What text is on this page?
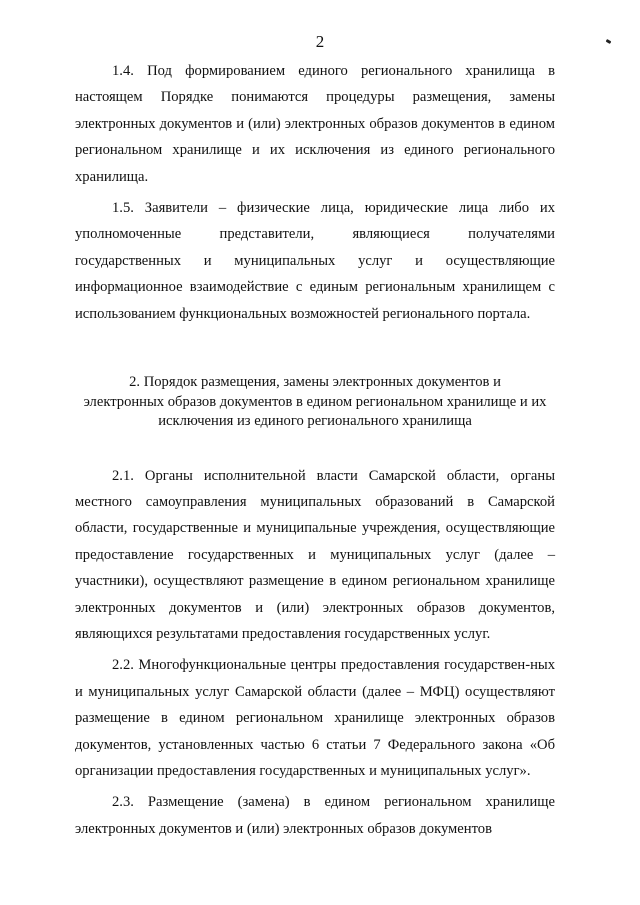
2

1.4. Под формированием единого регионального хранилища в настоящем Порядке понимаются процедуры размещения, замены электронных документов и (или) электронных образов документов в едином региональном хранилище и их исключения из единого регионального хранилища.

1.5. Заявители – физические лица, юридические лица либо их уполномоченные представители, являющиеся получателями государственных и муниципальных услуг и осуществляющие информационное взаимодействие с единым региональным хранилищем с использованием функциональных возможностей регионального портала.

2. Порядок размещения, замены электронных документов и
электронных образов документов в едином региональном хранилище и их
исключения из единого регионального хранилища

2.1. Органы исполнительной власти Самарской области, органы местного самоуправления муниципальных образований в Самарской области, государственные и муниципальные учреждения, осуществляющие предоставление государственных и муниципальных услуг (далее – участники), осуществляют размещение в едином региональном хранилище электронных документов и (или) электронных образов документов, являющихся результатами предоставления государственных услуг.

2.2. Многофункциональные центры предоставления государствен-ных и муниципальных услуг Самарской области (далее – МФЦ) осуществляют размещение в едином региональном хранилище электронных образов документов, установленных частью 6 статьи 7 Федерального закона «Об организации предоставления государственных и муниципальных услуг».

2.3. Размещение (замена) в едином региональном хранилище электронных документов и (или) электронных образов документов
